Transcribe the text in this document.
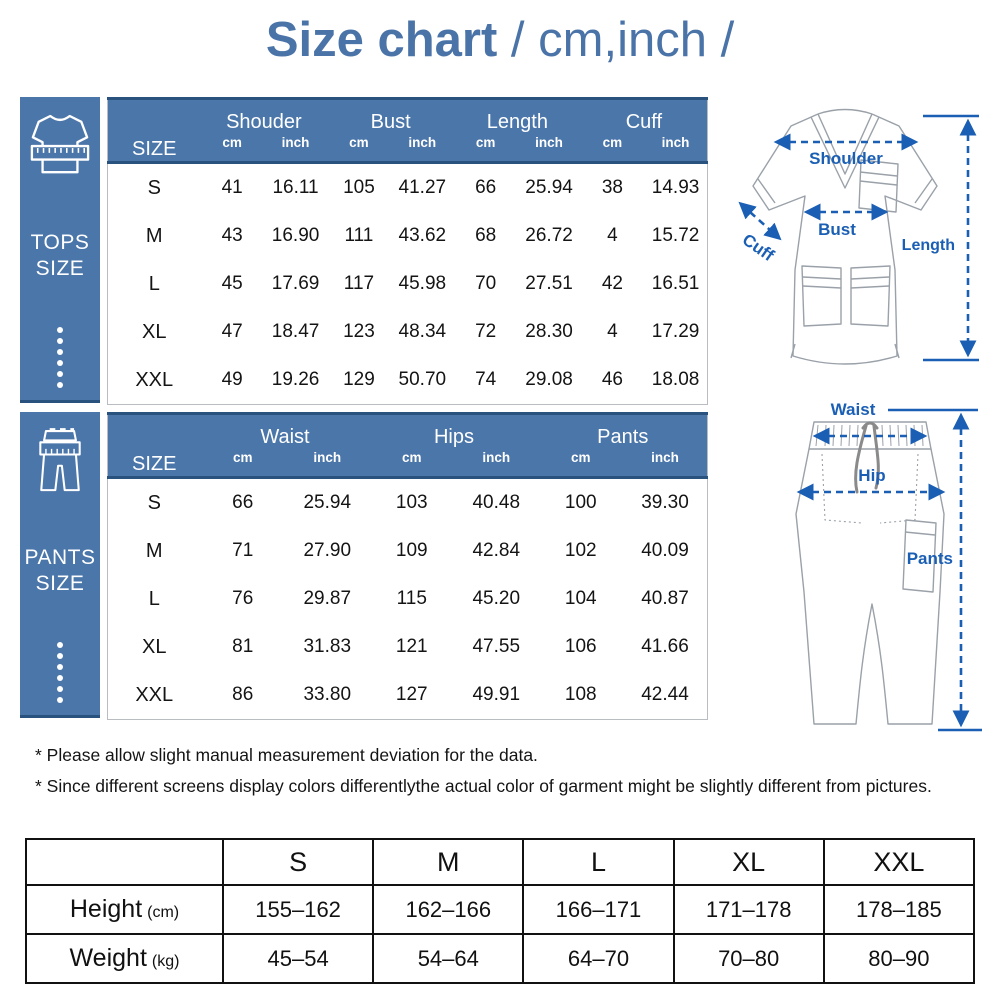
Size chart / cm,inch /
TOPS
SIZE
SIZE	Shouder		Bust		Length		Cuff	
	cm	inch	cm	inch	cm	inch	cm	inch
S	41	16.11	105	41.27	66	25.94	38	14.93
M	43	16.90	111	43.62	68	26.72	4	15.72
L	45	17.69	117	45.98	70	27.51	42	16.51
XL	47	18.47	123	48.34	72	28.30	4	17.29
XXL	49	19.26	129	50.70	74	29.08	46	18.08
PANTS
SIZE
SIZE	Waist		Hips		Pants	
	cm	inch	cm	inch	cm	inch
S	66	25.94	103	40.48	100	39.30
M	71	27.90	109	42.84	102	40.09
L	76	29.87	115	45.20	104	40.87
XL	81	31.83	121	47.55	106	41.66
XXL	86	33.80	127	49.91	108	42.44
Shoulder
Bust
Cuff	Length
Waist
Hip
Pants
* Please allow slight manual measurement deviation for the data.
* Since different screens display colors differentlythe actual color of garment might be slightly different from pictures.
	S	M	L	XL	XXL
Height (cm)	155–162	162–166	166–171	171–178	178–185
Weight (kg)	45–54	54–64	64–70	70–80	80–90
